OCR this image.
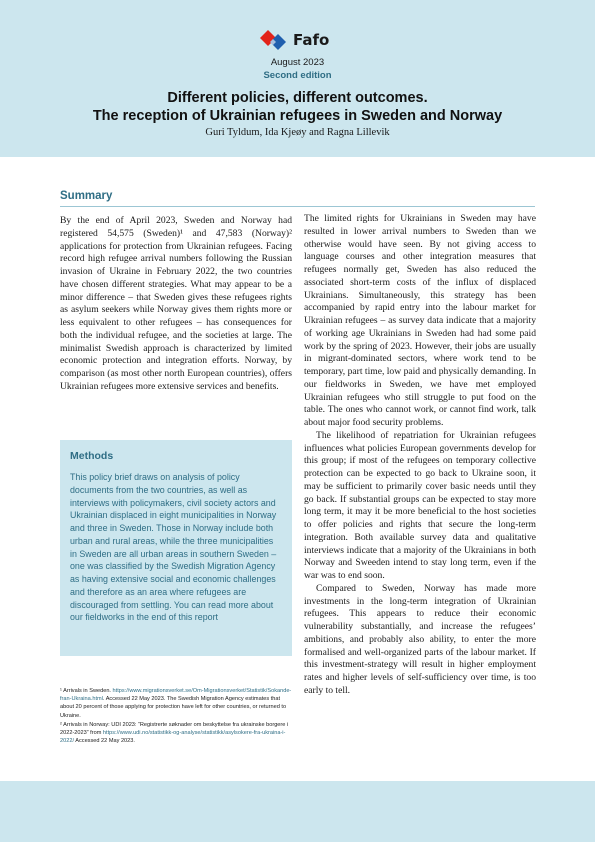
Fafo
August 2023
Second edition
Different policies, different outcomes.
The reception of Ukrainian refugees in Sweden and Norway
Guri Tyldum, Ida Kjeøy and Ragna Lillevik
Summary

By the end of April 2023, Sweden and Norway had registered 54,575 (Sweden)¹ and 47,583 (Norway)² applications for protection from Ukrainian refugees. Facing record high refugee arrival numbers following the Russian invasion of Ukraine in February 2022, the two countries have chosen different strategies. What may appear to be a minor difference – that Sweden gives these refugees rights as asylum seekers while Norway gives them rights more or less equivalent to other refugees – has consequences for both the individual refugee, and the societies at large. The minimalist Swedish approach is characterized by limited economic protection and integration efforts. Norway, by comparison (as most other north European countries), offers Ukrainian refugees more extensive services and benefits.

Methods
This policy brief draws on analysis of policy documents from the two countries, as well as interviews with policymakers, civil society actors and Ukrainian displaced in eight municipalities in Norway and three in Sweden. Those in Norway include both urban and rural areas, while the three municipalities in Sweden are all urban areas in southern Sweden – one was classified by the Swedish Migration Agency as having extensive social and economic challenges and therefore as an area where refugees are discouraged from settling. You can read more about our fieldworks in the end of this report

¹ Arrivals in Sweden. https://www.migrationsverket.se/Om-Migrationsverket/Statistik/Sokande-fran-Ukraina.html. Accessed 22 May 2023. The Swedish Migration Agency estimates that about 20 percent of those applying for protection have left for other countries, or returned to Ukraine.

² Arrivals in Norway: UDI 2023: “Registrerte søknader om beskyttelse fra ukrainske borgere i 2022-2023” from https://www.udi.no/statistikk-og-analyse/statistikk/asylsokere-fra-ukraina-i-2022/ Accessed 22 May 2023.

The limited rights for Ukrainians in Sweden may have resulted in lower arrival numbers to Sweden than we otherwise would have seen. By not giving access to language courses and other integration measures that refugees normally get, Sweden has also reduced the associated short-term costs of the influx of displaced Ukrainians. Simultaneously, this strategy has been accompanied by rapid entry into the labour market for Ukrainian refugees – as survey data indicate that a majority of working age Ukrainians in Sweden had had some paid work by the spring of 2023. However, their jobs are usually in migrant-dominated sectors, where work tend to be temporary, part time, low paid and physically demanding. In our fieldworks in Sweden, we have met employed Ukrainian refugees who still struggle to put food on the table. The ones who cannot work, or cannot find work, talk about major food security problems.

The likelihood of repatriation for Ukrainian refugees influences what policies European governments develop for this group; if most of the refugees on temporary collective protection can be expected to go back to Ukraine soon, it may be sufficient to primarily cover basic needs until they go back. If substantial groups can be expected to stay more long term, it may it be more beneficial to the host societies to offer policies and rights that secure the long-term integration. Both available survey data and qualitative interviews indicate that a majority of the Ukrainians in both Norway and Sweeden intend to stay long term, even if the war was to end soon.

Compared to Sweden, Norway has made more investments in the long-term integration of Ukrainian refugees. This appears to reduce their economic vulnerability substantially, and increase the refugees’ ambitions, and probably also ability, to enter the more formalised and well-organized parts of the labour market. If this investment-strategy will result in higher employment rates and higher levels of self-sufficiency over time, is too early to tell.
